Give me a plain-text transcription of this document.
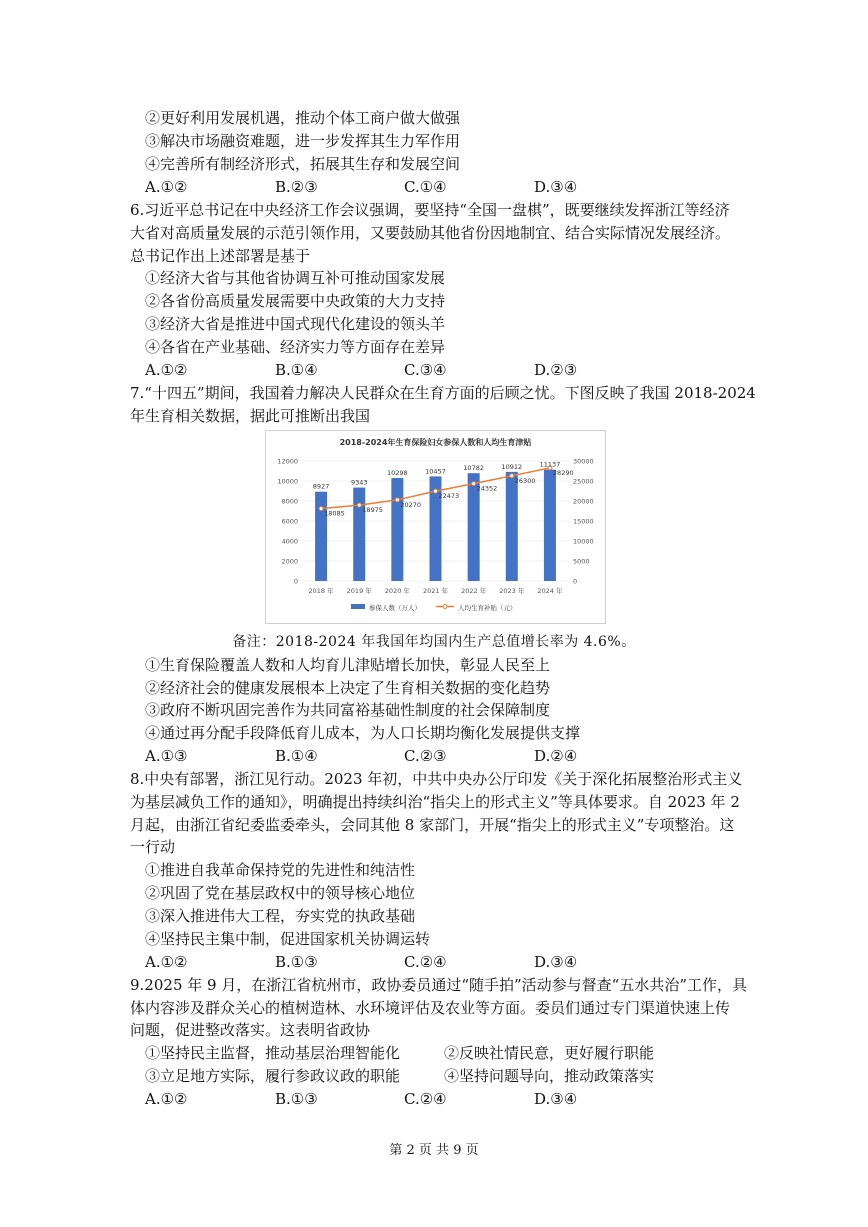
②更好利用发展机遇，推动个体工商户做大做强
③解决市场融资难题，进一步发挥其生力军作用
④完善所有制经济形式，拓展其生存和发展空间
A.①②	B.②③	C.①④	D.③④
6.习近平总书记在中央经济工作会议强调，要坚持“全国一盘棋”，既要继续发挥浙江等经济
大省对高质量发展的示范引领作用，又要鼓励其他省份因地制宜、结合实际情况发展经济。
总书记作出上述部署是基于
①经济大省与其他省协调互补可推动国家发展
②各省份高质量发展需要中央政策的大力支持
③经济大省是推进中国式现代化建设的领头羊
④各省在产业基础、经济实力等方面存在差异
A.①②	B.①④	C.③④	D.②③
7.“十四五”期间，我国着力解决人民群众在生育方面的后顾之忧。下图反映了我国 2018-2024
年生育相关数据，据此可推断出我国
2018-2024年生育保险妇女参保人数和人均生育津贴
0
2000
4000
6000
8000
10000
12000
0
5000
10000
15000
20000
25000
30000
8927
9343
10298	10457	10782	10912	11137
18085	18975
20270
22473
24352
26300
28290
2018 年 2019 年 2020 年 2021 年 2022 年 2023 年 2024 年
参保人数（万人）	人均生育补贴（元）
备注：2018-2024 年我国年均国内生产总值增长率为 4.6%。
①生育保险覆盖人数和人均育儿津贴增长加快，彰显人民至上
②经济社会的健康发展根本上决定了生育相关数据的变化趋势
③政府不断巩固完善作为共同富裕基础性制度的社会保障制度
④通过再分配手段降低育儿成本，为人口长期均衡化发展提供支撑
A.①③	B.①④	C.②③	D.②④
8.中央有部署，浙江见行动。2023 年初，中共中央办公厅印发《关于深化拓展整治形式主义
为基层减负工作的通知》，明确提出持续纠治“指尖上的形式主义”等具体要求。自 2023 年 2
月起，由浙江省纪委监委牵头，会同其他 8 家部门，开展“指尖上的形式主义”专项整治。这
一行动
①推进自我革命保持党的先进性和纯洁性
②巩固了党在基层政权中的领导核心地位
③深入推进伟大工程，夯实党的执政基础
④坚持民主集中制，促进国家机关协调运转
A.①②	B.①③	C.②④	D.③④
9.2025 年 9 月，在浙江省杭州市，政协委员通过“随手拍”活动参与督查“五水共治”工作，具
体内容涉及群众关心的植树造林、水环境评估及农业等方面。委员们通过专门渠道快速上传
问题，促进整改落实。这表明省政协
①坚持民主监督，推动基层治理智能化	②反映社情民意，更好履行职能
③立足地方实际，履行参政议政的职能	④坚持问题导向，推动政策落实
A.①②	B.①③	C.②④	D.③④
第 2 页 共 9 页
